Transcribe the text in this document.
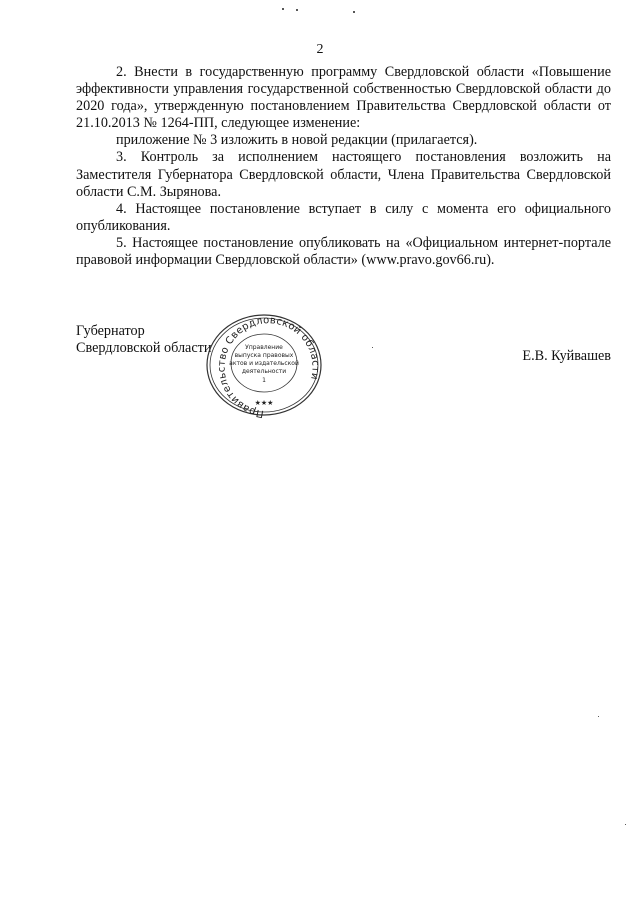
2

2. Внести в государственную программу Свердловской области «Повышение эффективности управления государственной собственностью Свердловской области до 2020 года», утвержденную постановлением Правительства Свердловской области от 21.10.2013 № 1264-ПП, следующее изменение:

приложение № 3 изложить в новой редакции (прилагается).

3. Контроль за исполнением настоящего постановления возложить на Заместителя Губернатора Свердловской области, Члена Правительства Свердловской области С.М. Зырянова.

4. Настоящее постановление вступает в силу с момента его официального опубликования.

5. Настоящее постановление опубликовать на «Официальном интернет-портале правовой информации Свердловской области» (www.pravo.gov66.ru).

Губернатор
Свердловской области	Е.В. Куйвашев
Правительство Свердловской области
Управление
выпуска правовых
актов и издательской
деятельности
1
★★★
